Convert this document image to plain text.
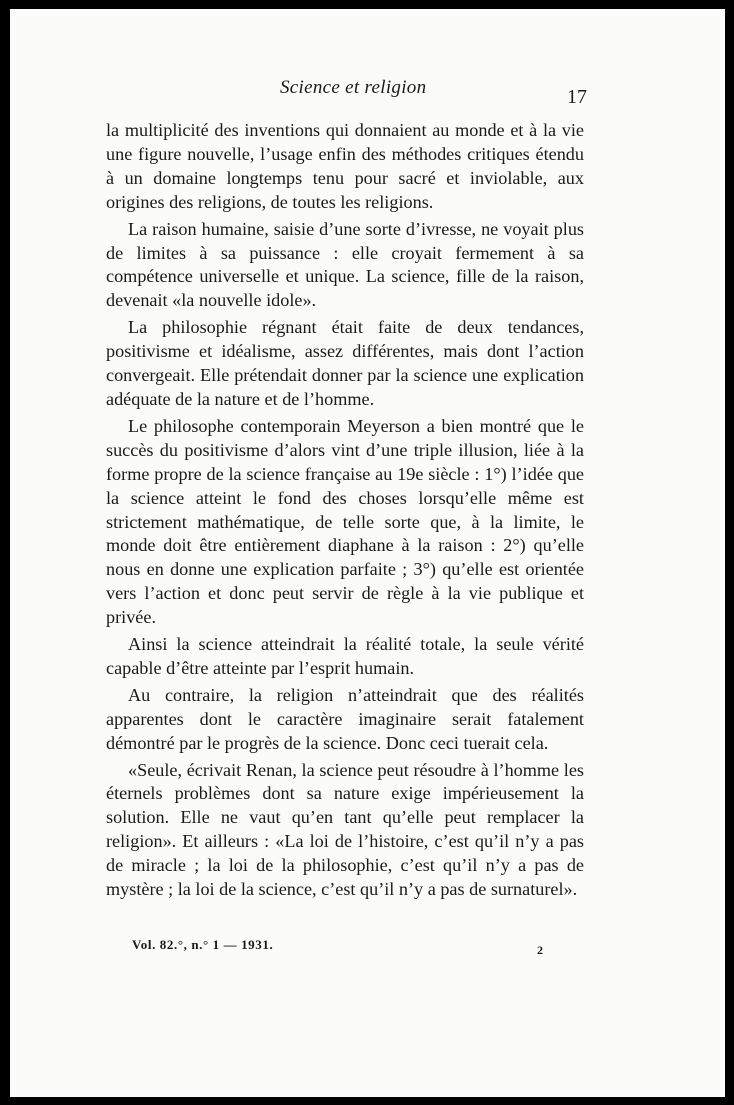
Science et religion	17

la multiplicité des inventions qui donnaient au monde et à la vie une figure nouvelle, l’usage enfin des méthodes critiques étendu à un domaine longtemps tenu pour sacré et inviolable, aux origines des religions, de toutes les religions.

La raison humaine, saisie d’une sorte d’ivresse, ne voyait plus de limites à sa puissance : elle croyait fermement à sa compétence universelle et unique. La science, fille de la raison, devenait «la nouvelle idole».

La philosophie régnant était faite de deux tendances, positivisme et idéalisme, assez différentes, mais dont l’action convergeait. Elle prétendait donner par la science une explication adéquate de la nature et de l’homme.

Le philosophe contemporain Meyerson a bien montré que le succès du positivisme d’alors vint d’une triple illusion, liée à la forme propre de la science française au 19e siècle : 1°) l’idée que la science atteint le fond des choses lorsqu’elle même est strictement mathématique, de telle sorte que, à la limite, le monde doit être entièrement diaphane à la raison : 2°) qu’elle nous en donne une explication parfaite ; 3°) qu’elle est orientée vers l’action et donc peut servir de règle à la vie publique et privée.

Ainsi la science atteindrait la réalité totale, la seule vérité capable d’être atteinte par l’esprit humain.

Au contraire, la religion n’atteindrait que des réalités apparentes dont le caractère imaginaire serait fatalement démontré par le progrès de la science. Donc ceci tuerait cela.

«Seule, écrivait Renan, la science peut résoudre à l’homme les éternels problèmes dont sa nature exige impérieusement la solution. Elle ne vaut qu’en tant qu’elle peut remplacer la religion». Et ailleurs : «La loi de l’histoire, c’est qu’il n’y a pas de miracle ; la loi de la philosophie, c’est qu’il n’y a pas de mystère ; la loi de la science, c’est qu’il n’y a pas de surnaturel».

Vol. 82.°, n.° 1 — 1931.	2
